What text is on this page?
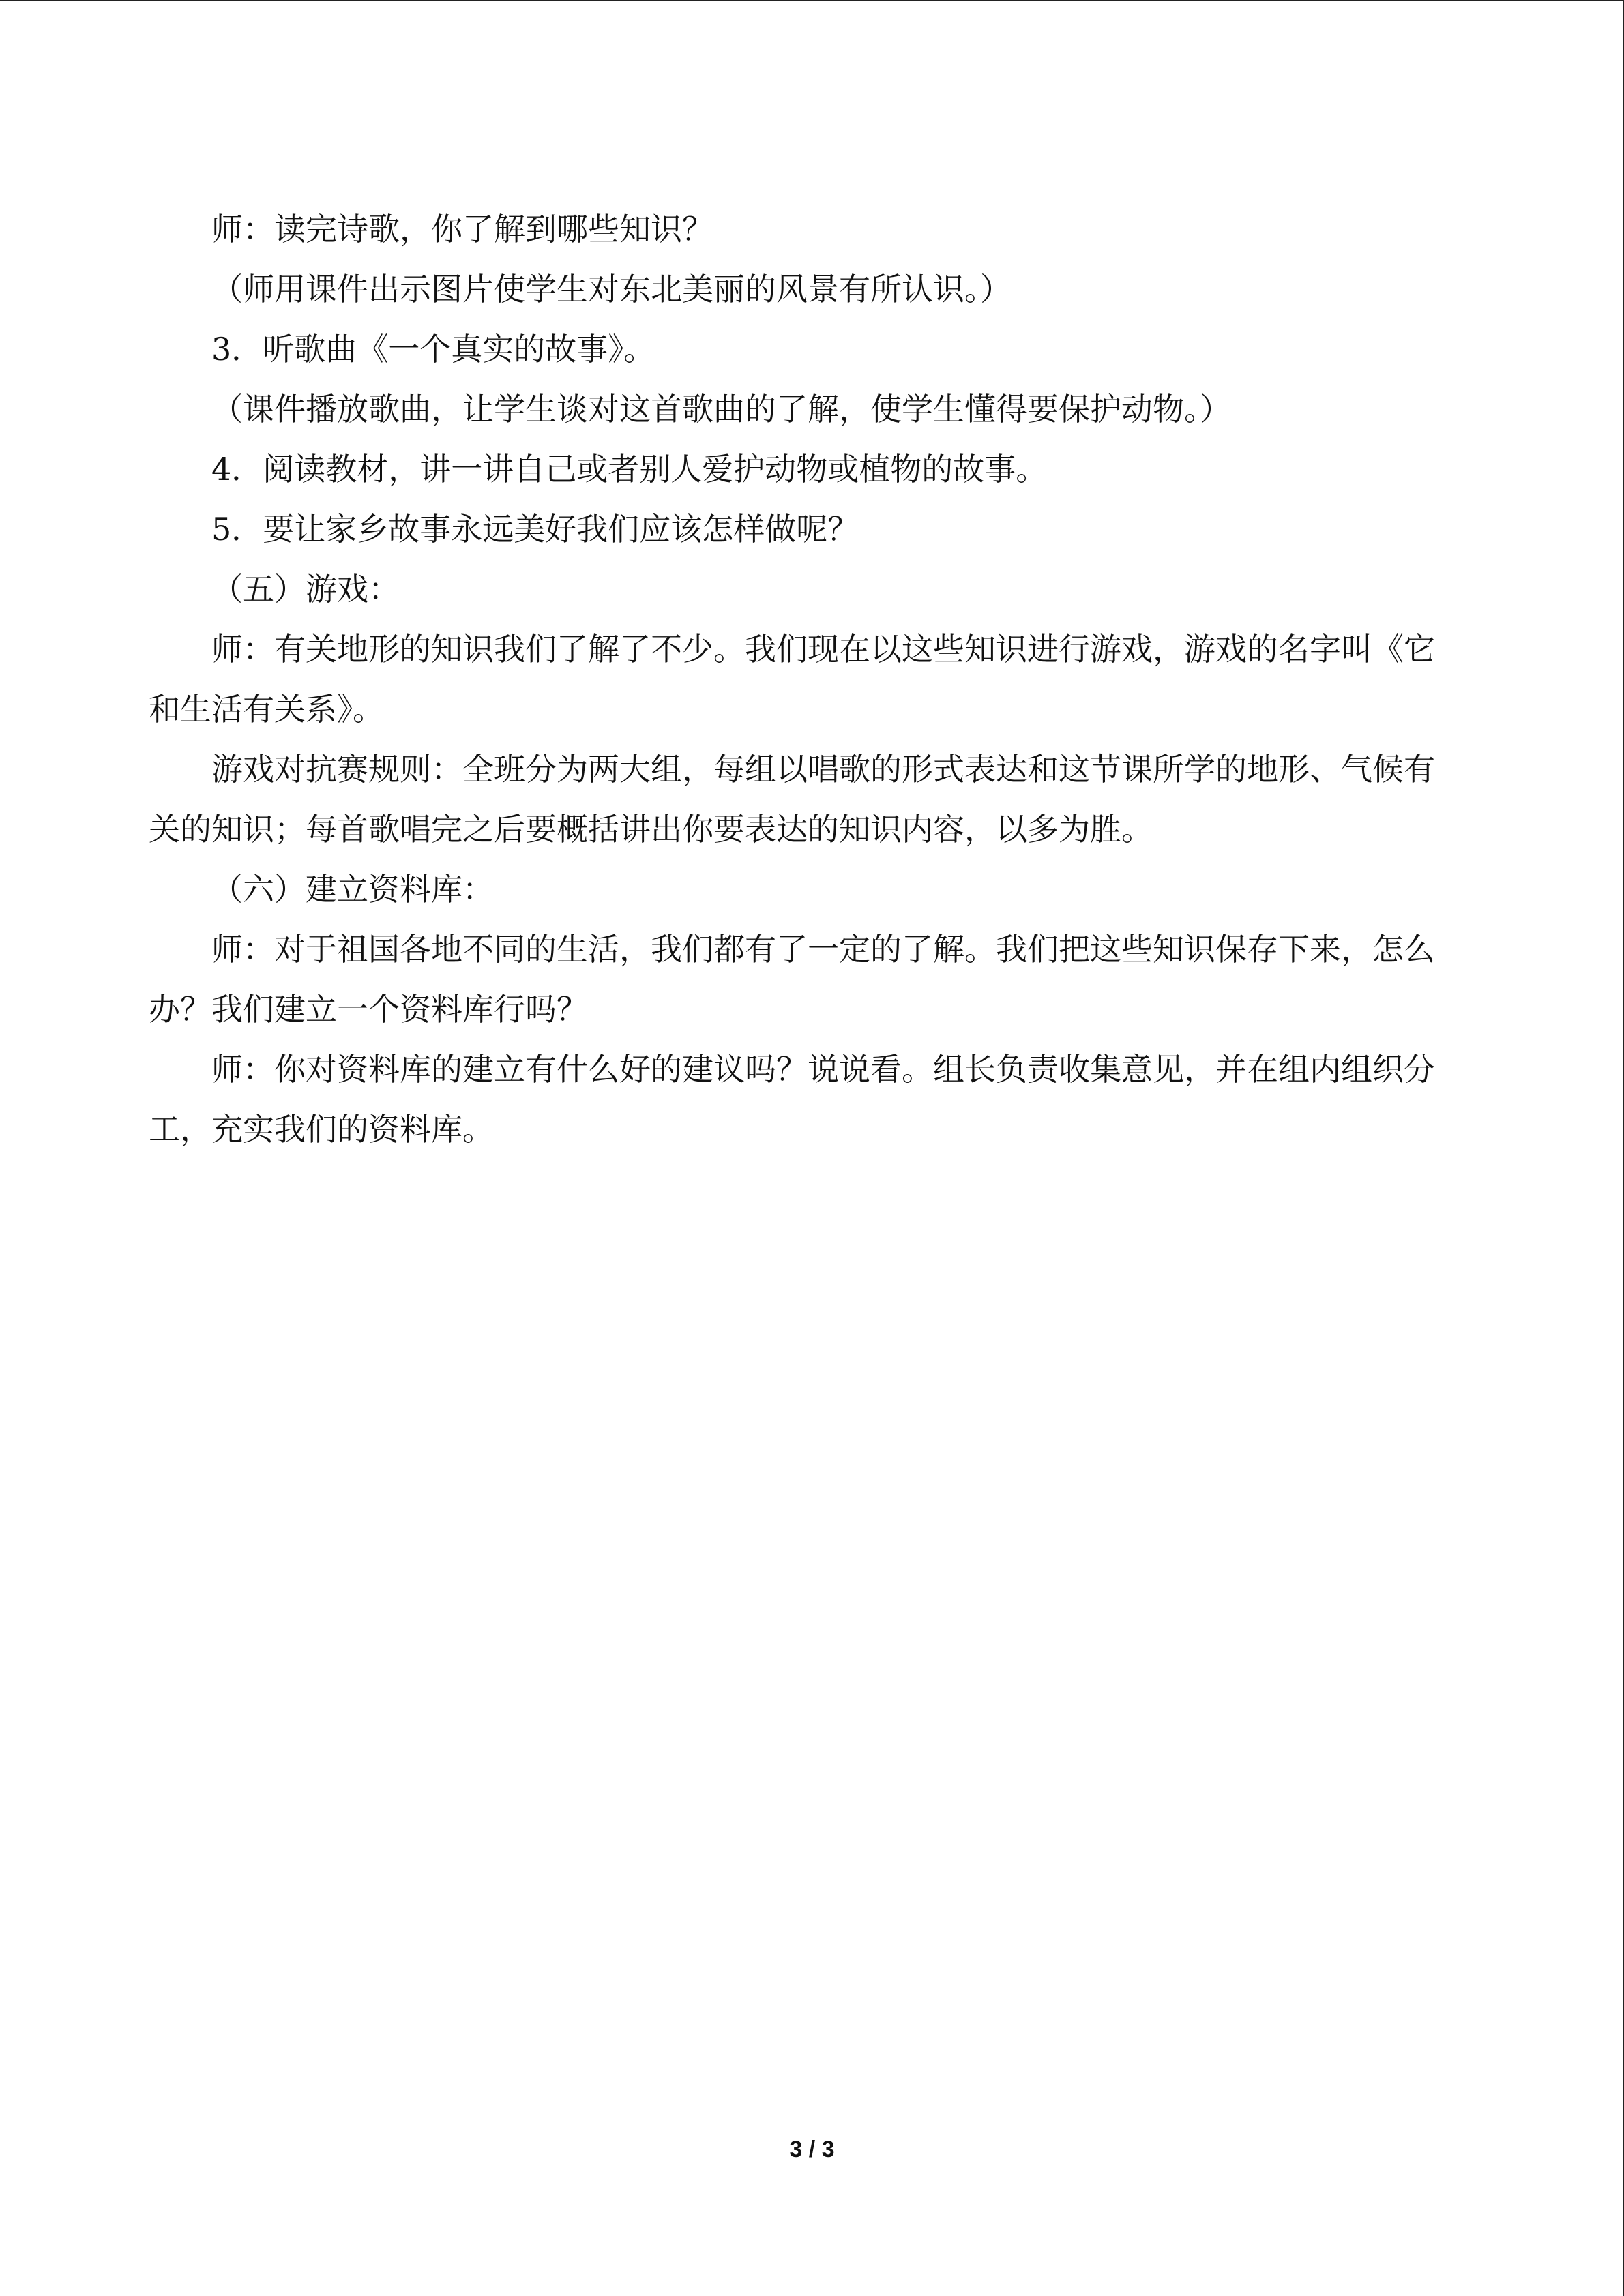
师：读完诗歌，你了解到哪些知识？

（师用课件出示图片使学生对东北美丽的风景有所认识。）

3．听歌曲《一个真实的故事》。

（课件播放歌曲，让学生谈对这首歌曲的了解，使学生懂得要保护动物。）

4．阅读教材，讲一讲自己或者别人爱护动物或植物的故事。

5．要让家乡故事永远美好我们应该怎样做呢？

（五）游戏：

师：有关地形的知识我们了解了不少。我们现在以这些知识进行游戏，游戏的名字叫《它和生活有关系》。

游戏对抗赛规则：全班分为两大组，每组以唱歌的形式表达和这节课所学的地形、气候有关的知识；每首歌唱完之后要概括讲出你要表达的知识内容，以多为胜。

（六）建立资料库：

师：对于祖国各地不同的生活，我们都有了一定的了解。我们把这些知识保存下来，怎么办？我们建立一个资料库行吗？

师：你对资料库的建立有什么好的建议吗？说说看。组长负责收集意见，并在组内组织分工，充实我们的资料库。

3 / 3
